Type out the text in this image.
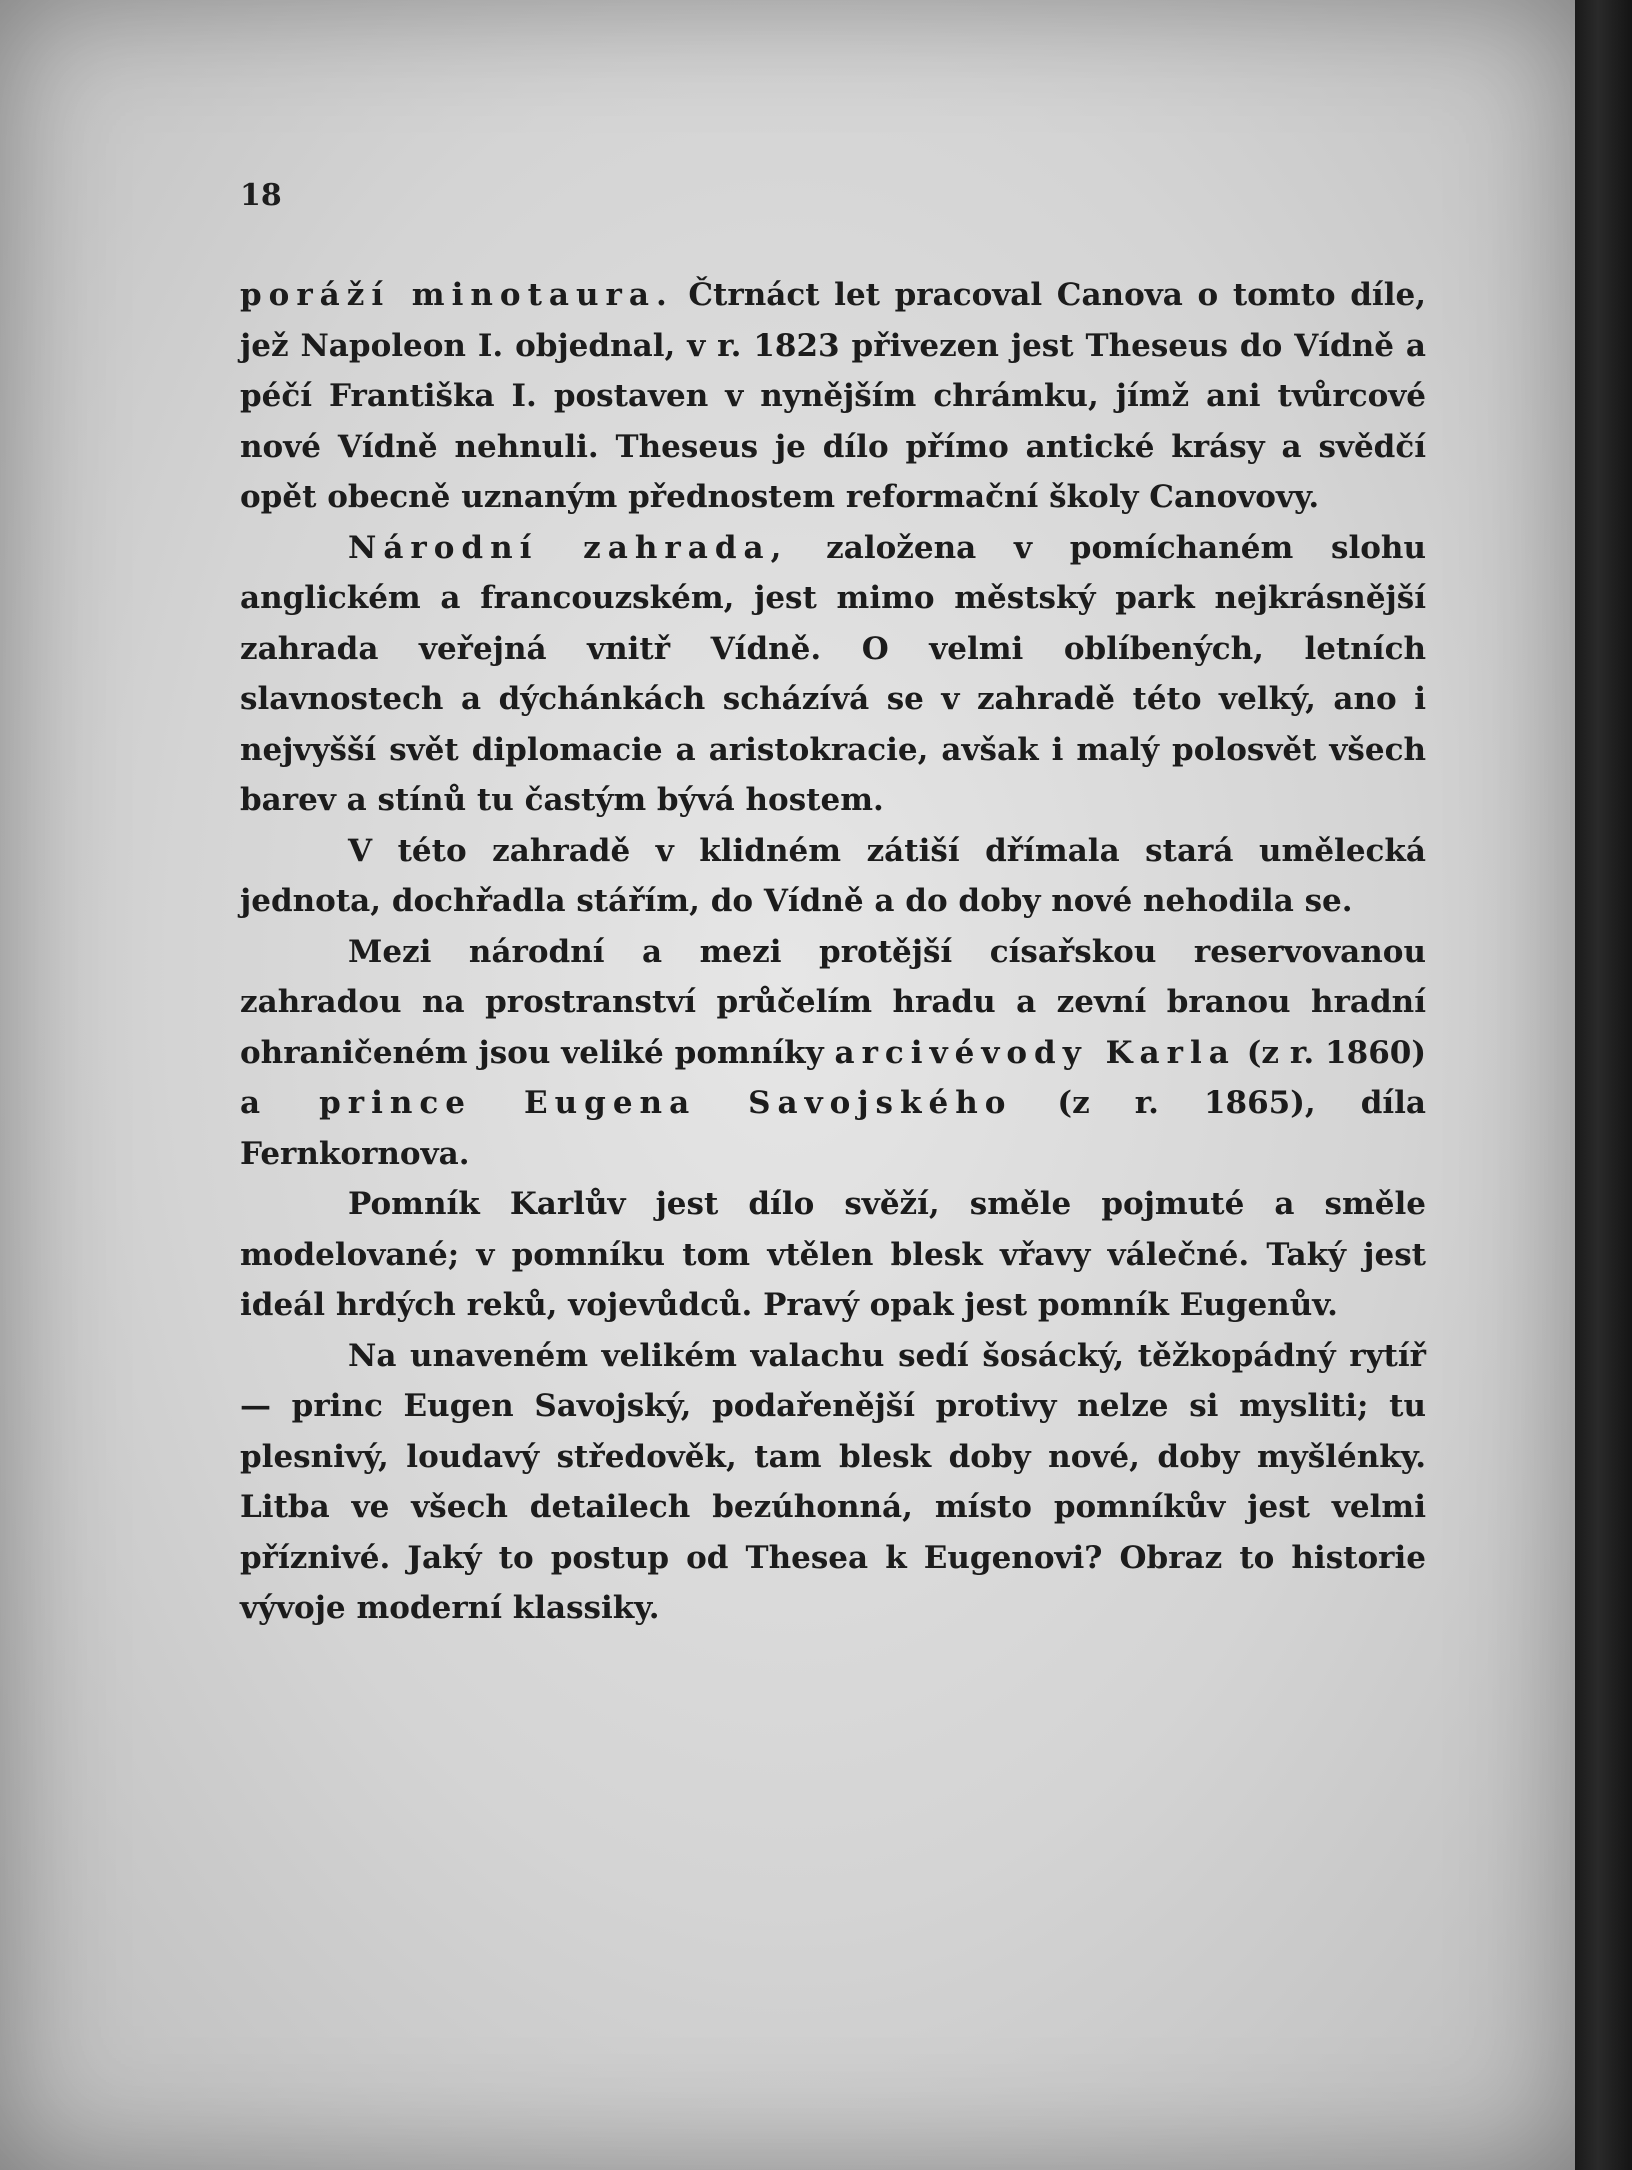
18

poráží minotaura. Čtrnáct let pracoval Canova o tomto díle, jež Napoleon I. objednal, v r. 1823 přivezen jest Theseus do Vídně a péčí Františka I. postaven v nynějším chrámku, jímž ani tvůrcové nové Vídně nehnuli. Theseus je dílo přímo antické krásy a svědčí opět obecně uznaným přednostem reformační školy Canovovy.

Národní zahrada, založena v pomíchaném slohu anglickém a francouzském, jest mimo městský park nejkrásnější zahrada veřejná vnitř Vídně. O velmi oblíbených, letních slavnostech a dýchánkách scházívá se v zahradě této velký, ano i nejvyšší svět diplomacie a aristokracie, avšak i malý polosvět všech barev a stínů tu častým bývá hostem.

V této zahradě v klidném zátiší dřímala stará umělecká jednota, dochřadla stářím, do Vídně a do doby nové nehodila se.

Mezi národní a mezi protější císařskou reservovanou zahradou na prostranství průčelím hradu a zevní branou hradní ohraničeném jsou veliké pomníky arcivévody Karla (z r. 1860) a prince Eugena Savojského (z r. 1865), díla Fernkornova.

Pomník Karlův jest dílo svěží, směle pojmuté a směle modelované; v pomníku tom vtělen blesk vřavy válečné. Taký jest ideál hrdých reků, vojevůdců. Pravý opak jest pomník Eugenův.

Na unaveném velikém valachu sedí šosácký, těžkopádný rytíř — princ Eugen Savojský, podařenější protivy nelze si mysliti; tu plesnivý, loudavý středověk, tam blesk doby nové, doby myšlénky. Litba ve všech detailech bezúhonná, místo pomníkův jest velmi příznivé. Jaký to postup od Thesea k Eugenovi? Obraz to historie vývoje moderní klassiky.
